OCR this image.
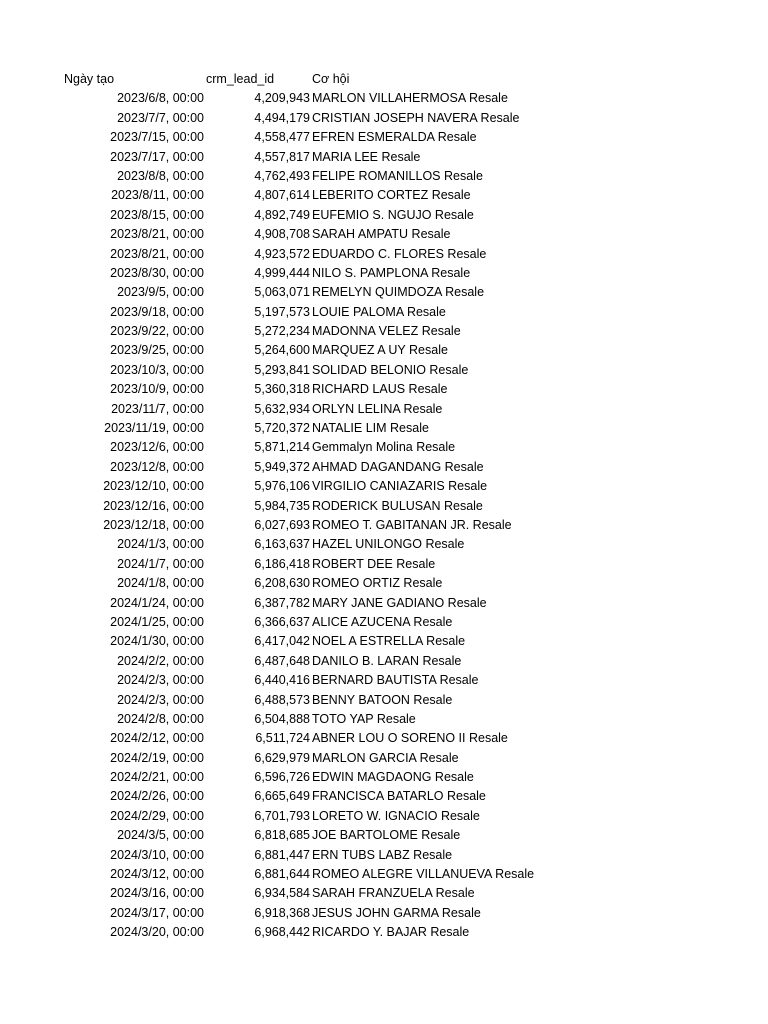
Ngày tạo	crm_lead_id	Cơ hội
2023/6/8, 00:00	4,209,943 MARLON VILLAHERMOSA Resale
2023/7/7, 00:00	4,494,179 CRISTIAN JOSEPH NAVERA Resale
2023/7/15, 00:00	4,558,477 EFREN ESMERALDA Resale
2023/7/17, 00:00	4,557,817 MARIA LEE Resale
2023/8/8, 00:00	4,762,493 FELIPE ROMANILLOS Resale
2023/8/11, 00:00	4,807,614 LEBERITO CORTEZ Resale
2023/8/15, 00:00	4,892,749 EUFEMIO S. NGUJO Resale
2023/8/21, 00:00	4,908,708 SARAH AMPATU Resale
2023/8/21, 00:00	4,923,572 EDUARDO C. FLORES Resale
2023/8/30, 00:00	4,999,444 NILO S. PAMPLONA Resale
2023/9/5, 00:00	5,063,071 REMELYN QUIMDOZA Resale
2023/9/18, 00:00	5,197,573 LOUIE PALOMA Resale
2023/9/22, 00:00	5,272,234 MADONNA VELEZ Resale
2023/9/25, 00:00	5,264,600 MARQUEZ A UY Resale
2023/10/3, 00:00	5,293,841 SOLIDAD BELONIO Resale
2023/10/9, 00:00	5,360,318 RICHARD LAUS Resale
2023/11/7, 00:00	5,632,934 ORLYN LELINA Resale
2023/11/19, 00:00	5,720,372 NATALIE LIM Resale
2023/12/6, 00:00	5,871,214 Gemmalyn Molina Resale
2023/12/8, 00:00	5,949,372 AHMAD DAGANDANG Resale
2023/12/10, 00:00	5,976,106 VIRGILIO CANIAZARIS Resale
2023/12/16, 00:00	5,984,735 RODERICK BULUSAN Resale
2023/12/18, 00:00	6,027,693 ROMEO T. GABITANAN JR. Resale
2024/1/3, 00:00	6,163,637 HAZEL UNILONGO Resale
2024/1/7, 00:00	6,186,418 ROBERT DEE Resale
2024/1/8, 00:00	6,208,630 ROMEO ORTIZ Resale
2024/1/24, 00:00	6,387,782 MARY JANE GADIANO Resale
2024/1/25, 00:00	6,366,637 ALICE AZUCENA Resale
2024/1/30, 00:00	6,417,042 NOEL A ESTRELLA Resale
2024/2/2, 00:00	6,487,648 DANILO B. LARAN Resale
2024/2/3, 00:00	6,440,416 BERNARD BAUTISTA Resale
2024/2/3, 00:00	6,488,573 BENNY BATOON Resale
2024/2/8, 00:00	6,504,888 TOTO YAP Resale
2024/2/12, 00:00	6,511,724 ABNER LOU O SORENO II Resale
2024/2/19, 00:00	6,629,979 MARLON GARCIA Resale
2024/2/21, 00:00	6,596,726 EDWIN MAGDAONG Resale
2024/2/26, 00:00	6,665,649 FRANCISCA BATARLO Resale
2024/2/29, 00:00	6,701,793 LORETO W. IGNACIO Resale
2024/3/5, 00:00	6,818,685 JOE BARTOLOME Resale
2024/3/10, 00:00	6,881,447 ERN TUBS LABZ Resale
2024/3/12, 00:00	6,881,644 ROMEO ALEGRE VILLANUEVA Resale
2024/3/16, 00:00	6,934,584 SARAH FRANZUELA Resale
2024/3/17, 00:00	6,918,368 JESUS JOHN GARMA Resale
2024/3/20, 00:00	6,968,442 RICARDO Y. BAJAR Resale
